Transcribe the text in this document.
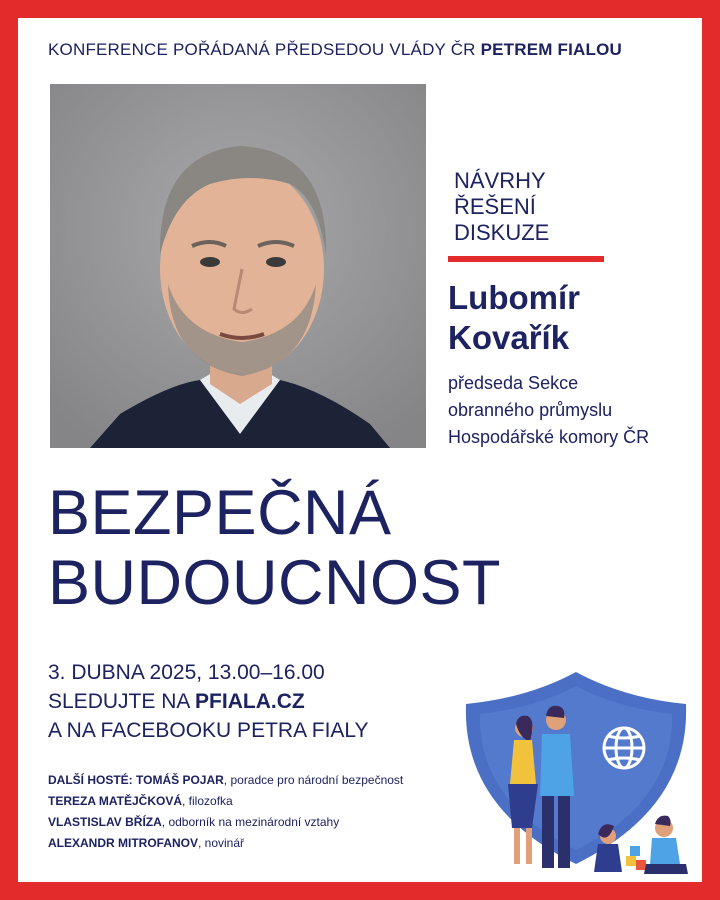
KONFERENCE POŘÁDANÁ PŘEDSEDOU VLÁDY ČR PETREM FIALOU
NÁVRHY
ŘEŠENÍ
DISKUZE
Lubomír
Kovařík
předseda Sekce
obranného průmyslu
Hospodářské komory ČR
BEZPEČNÁ
BUDOUCNOST
3. DUBNA 2025, 13.00–16.00
SLEDUJTE NA PFIALA.CZ
A NA FACEBOOKU PETRA FIALY
DALŠÍ HOSTÉ: TOMÁŠ POJAR, poradce pro národní bezpečnost
TEREZA MATĚJČKOVÁ, filozofka
VLASTISLAV BŘÍZA, odborník na mezinárodní vztahy
ALEXANDR MITROFANOV, novinář
